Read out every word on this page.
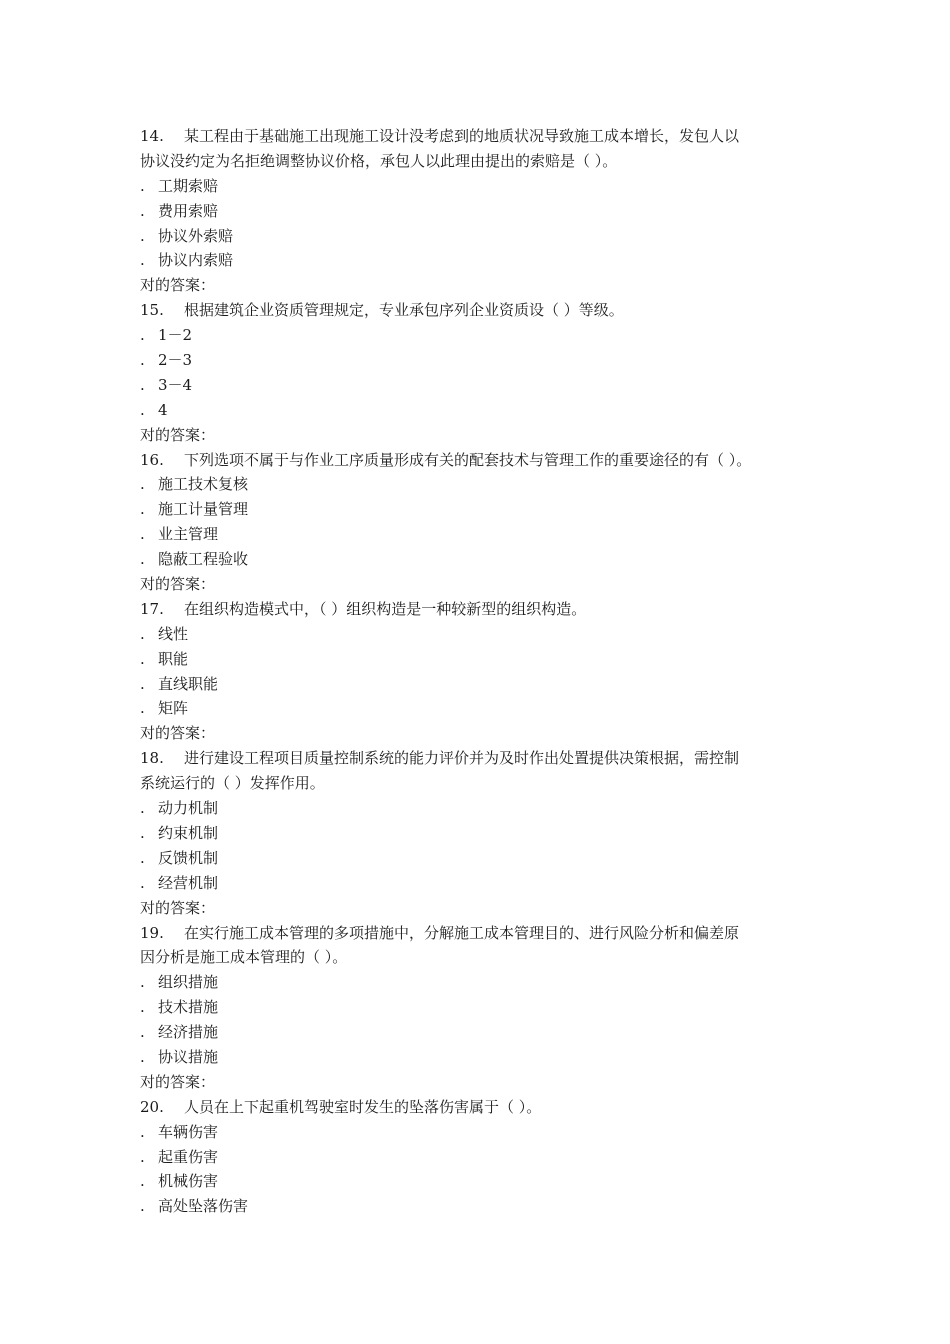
14. 某工程由于基础施工出现施工设计没考虑到的地质状况导致施工成本增长，发包人以
协议没约定为名拒绝调整协议价格，承包人以此理由提出的索赔是（ ）。
. 工期索赔
. 费用索赔
. 协议外索赔
. 协议内索赔
对的答案：
15. 根据建筑企业资质管理规定，专业承包序列企业资质设（ ）等级。
. 1－2
. 2－3
. 3－4
. 4
对的答案：
16. 下列选项不属于与作业工序质量形成有关的配套技术与管理工作的重要途径的有（ ）。
. 施工技术复核
. 施工计量管理
. 业主管理
. 隐蔽工程验收
对的答案：
17. 在组织构造模式中，（ ）组织构造是一种较新型的组织构造。
. 线性
. 职能
. 直线职能
. 矩阵
对的答案：
18. 进行建设工程项目质量控制系统的能力评价并为及时作出处置提供决策根据，需控制
系统运行的（ ）发挥作用。
. 动力机制
. 约束机制
. 反馈机制
. 经营机制
对的答案：
19. 在实行施工成本管理的多项措施中，分解施工成本管理目的、进行风险分析和偏差原
因分析是施工成本管理的（ ）。
. 组织措施
. 技术措施
. 经济措施
. 协议措施
对的答案：
20. 人员在上下起重机驾驶室时发生的坠落伤害属于（ ）。
. 车辆伤害
. 起重伤害
. 机械伤害
. 高处坠落伤害
